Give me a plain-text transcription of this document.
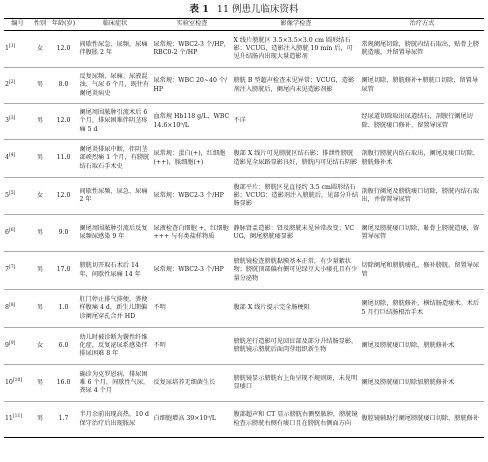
表 1 11 例患儿临床资料
编号	性别	年龄(岁)	临床症状	实验室检查	影像学检查	治疗方式
1[1]	女	12.0	间歇性尿急、尿频，尿痛伴腹胀 2 年	尿常规：WBC2-3 个/HP，RBC0-2 个/HP	X 线片膀胱区 3.5×3.5×3.0 cm 圆形结石影；VCUG，造影注入膀胱 10 min 后，可见升结肠内出现大量造影剂	常规阑尾切除，膀胱内结石取出，贴骨上膀胱造瘘，并留置导尿管
2[2]	男	8.0	反复尿频、尿痛、尿液混浊、气尿 6 个月，既往有阑尾炎病史	尿常规：WBC 20~40 个/HP	膀胱 B 型超声检查未见异常；VCUG，造影剂注入膀胱后，阑尾内未见造影剂影	阑尾切除，膀胱修补+膀胱口切除，留置导尿管
3[3]	男	12.0	阑尾周围脓肿引流术后 6 个月，排尿困难伴阴茎疼痛 5 d	血常规 Hb118 g/L，WBC14.6×10⁹/L	不详	经尿道切除取出尿道结石，剖腹行阑尾切除、膀胱瘘口修补，留置导尿管
4[4]	男	11.0	阑尾炎排尿中断，伴阴茎部顽烈痛 1 个月，有膀胱结石取石手术史	尿常规：蛋白(+)，红细胞(++)，脓细胞(+)	腹部 X 线片可见膀胱区结石影；排泄性膀胱造影见全尿路显影良好，膀胱内可见结石阴影	剖腹行膀胱内结石取出，阑尾及瘘口切除，膀胱修补术
5[5]	女	12.0	间歇性尿频、尿急、尿痛 2 年	尿常规：WBC2-3 个/HP	腹部平片：膀胱区见直径约 3.5 cm圆形结石影；VCUG：造影剂注入膀胱后，见部分升结肠显影	剖腹行阑尾及膀胱瘘口切除，膀胱内结石取出，并留置导尿管
6[6]	男	9.0	阑尾周围脓肿引流后反复尿频尿感染 9 年	尿液检查白细胞 +，红细胞 +++ 与有类盐样物质	静脉肾盂造影：肾及膀胱未见异常改变；VCUG，阑尾膀胱瘘显影	阑尾及膀胱瘘口切除，耻骨上膀胱造瘘，留置导尿管
7[7]	男	17.0	膀胱切开取石术后 14 年，间歇性尿痛 14 年	尿常规：WBC2-3 个/HP	膀胱镜检查膀胱黏膜基本正常，有少量絮状物；膀胱顶部偏右侧可见绿豆大小瘘孔且有少量分泌物	切除阑尾和膀胱瘘孔，修补膀胱，留置导尿管
8[8]	男	1.0	肛门停止排气排便，粪便样腹痛 4 d，新生儿期偏诊阑尾穿孔合并 HD	不明	腹部 X 线片提示完全肠梗阻	阑尾切除，膀胱修补，横结肠造瘘术。术后 5 月行巨结肠根治手术
9[9]	女	6.0	幼儿时被诊断为囊性纤维化症，反复泌尿系感染伴排尿困难 8 年	不明	膀胱逆行造影可见回盲部及部分升结肠显影，膀胱镜示膀胱后面肉芽组织新生物	阑尾及膀胱瘘口切除，膀胱修补术
10[10]	男	16.0	确诊为克罗恩病，排尿困难 6 个月，间歇性气尿，粪尿 4 个月	反复尿培养无细菌生长	膀胱镜显示膀胱右上角呈现不规则斑，未见明显瘘口	阑尾及膀胱瘘口切除加膀胱修补术
11[11]	男	1.7	半月余前出现高热，10 d 保守治疗后出现脓尿	白细胞增高 39×10⁹/L	腹部超声和 CT 显示膀胱右侧壁脓肿，膀胱镜检查示膀胱右侧有瘘口且在膀胱右侧面方向	腹腔镜辅助行阑尾膀胱瘘口切除，膀胱修补
